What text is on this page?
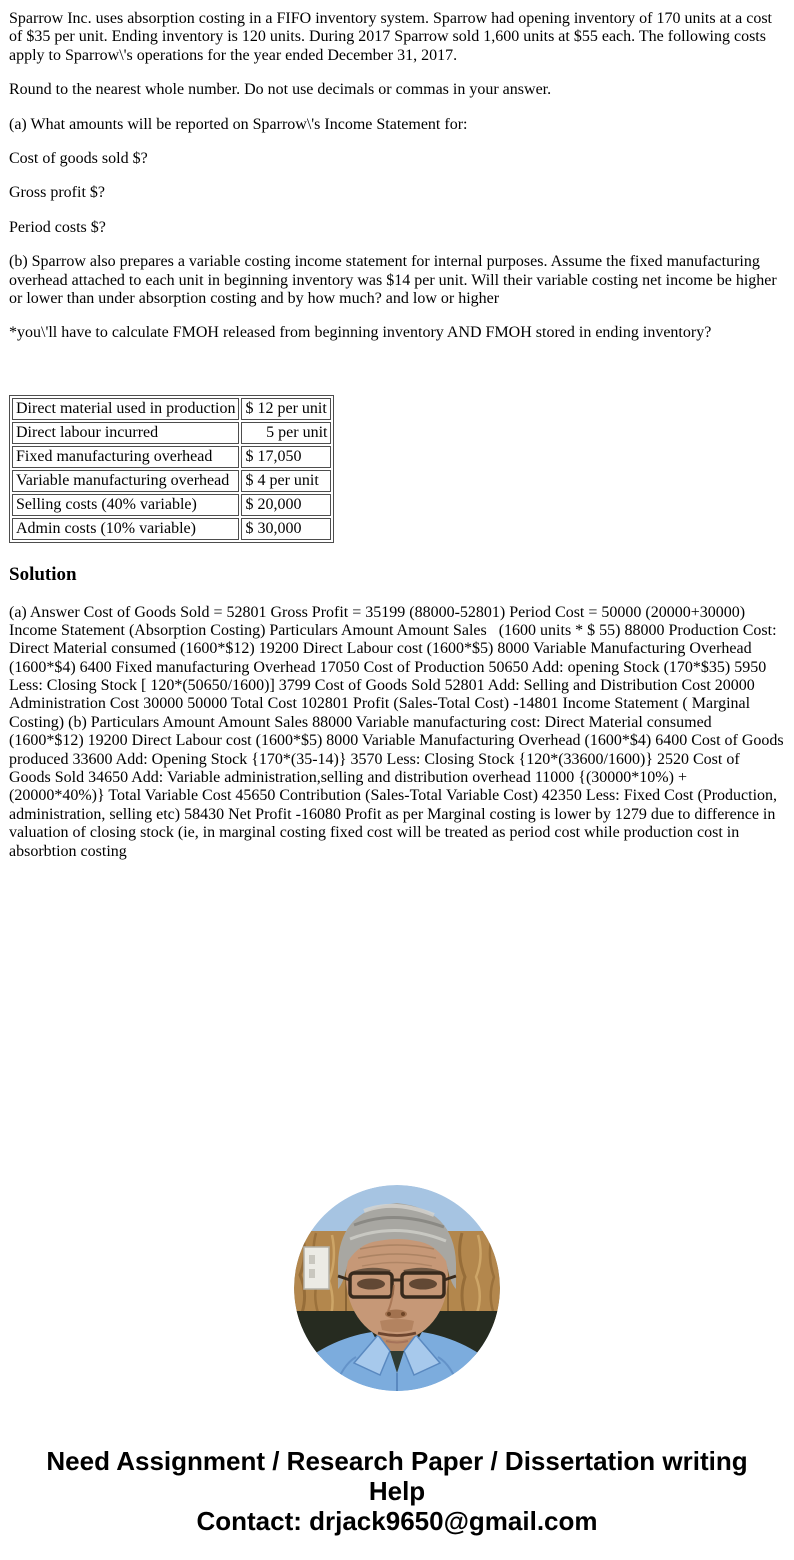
Sparrow Inc. uses absorption costing in a FIFO inventory system. Sparrow had opening inventory of 170 units at a cost of $35 per unit. Ending inventory is 120 units. During 2017 Sparrow sold 1,600 units at $55 each. The following costs apply to Sparrow\'s operations for the year ended December 31, 2017.

Round to the nearest whole number. Do not use decimals or commas in your answer.

(a) What amounts will be reported on Sparrow\'s Income Statement for:

Cost of goods sold $?

Gross profit $?

Period costs $?

(b) Sparrow also prepares a variable costing income statement for internal purposes. Assume the fixed manufacturing overhead attached to each unit in beginning inventory was $14 per unit. Will their variable costing net income be higher or lower than under absorption costing and by how much? and low or higher

*you\'ll have to calculate FMOH released from beginning inventory AND FMOH stored in ending inventory?

Direct material used in production	$ 12 per unit
Direct labour incurred	5 per unit
Fixed manufacturing overhead	$ 17,050
Variable manufacturing overhead	$ 4 per unit
Selling costs (40% variable)	$ 20,000
Admin costs (10% variable)	$ 30,000
Solution

(a) Answer Cost of Goods Sold = 52801 Gross Profit = 35199 (88000-52801) Period Cost = 50000 (20000+30000) Income Statement (Absorption Costing) Particulars Amount Amount Sales   (1600 units * $ 55) 88000 Production Cost: Direct Material consumed (1600*$12) 19200 Direct Labour cost (1600*$5) 8000 Variable Manufacturing Overhead (1600*$4) 6400 Fixed manufacturing Overhead 17050 Cost of Production 50650 Add: opening Stock (170*$35) 5950 Less: Closing Stock [ 120*(50650/1600)] 3799 Cost of Goods Sold 52801 Add: Selling and Distribution Cost 20000          Administration Cost 30000 50000 Total Cost 102801 Profit (Sales-Total Cost) -14801 Income Statement ( Marginal Costing) (b) Particulars Amount Amount Sales 88000 Variable manufacturing cost: Direct Material consumed (1600*$12) 19200 Direct Labour cost (1600*$5) 8000 Variable Manufacturing Overhead (1600*$4) 6400 Cost of Goods produced 33600 Add: Opening Stock {170*(35-14)} 3570 Less: Closing Stock {120*(33600/1600)} 2520 Cost of Goods Sold 34650 Add: Variable administration,selling and distribution overhead 11000 {(30000*10%) + (20000*40%)} Total Variable Cost 45650 Contribution (Sales-Total Variable Cost) 42350 Less: Fixed Cost (Production, administration, selling etc) 58430 Net Profit -16080 Profit as per Marginal costing is lower by 1279 due to difference in valuation of closing stock (ie, in marginal costing fixed cost will be treated as period cost while production cost in absorbtion costing

Need Assignment / Research Paper / Dissertation writing Help
Contact: drjack9650@gmail.com
